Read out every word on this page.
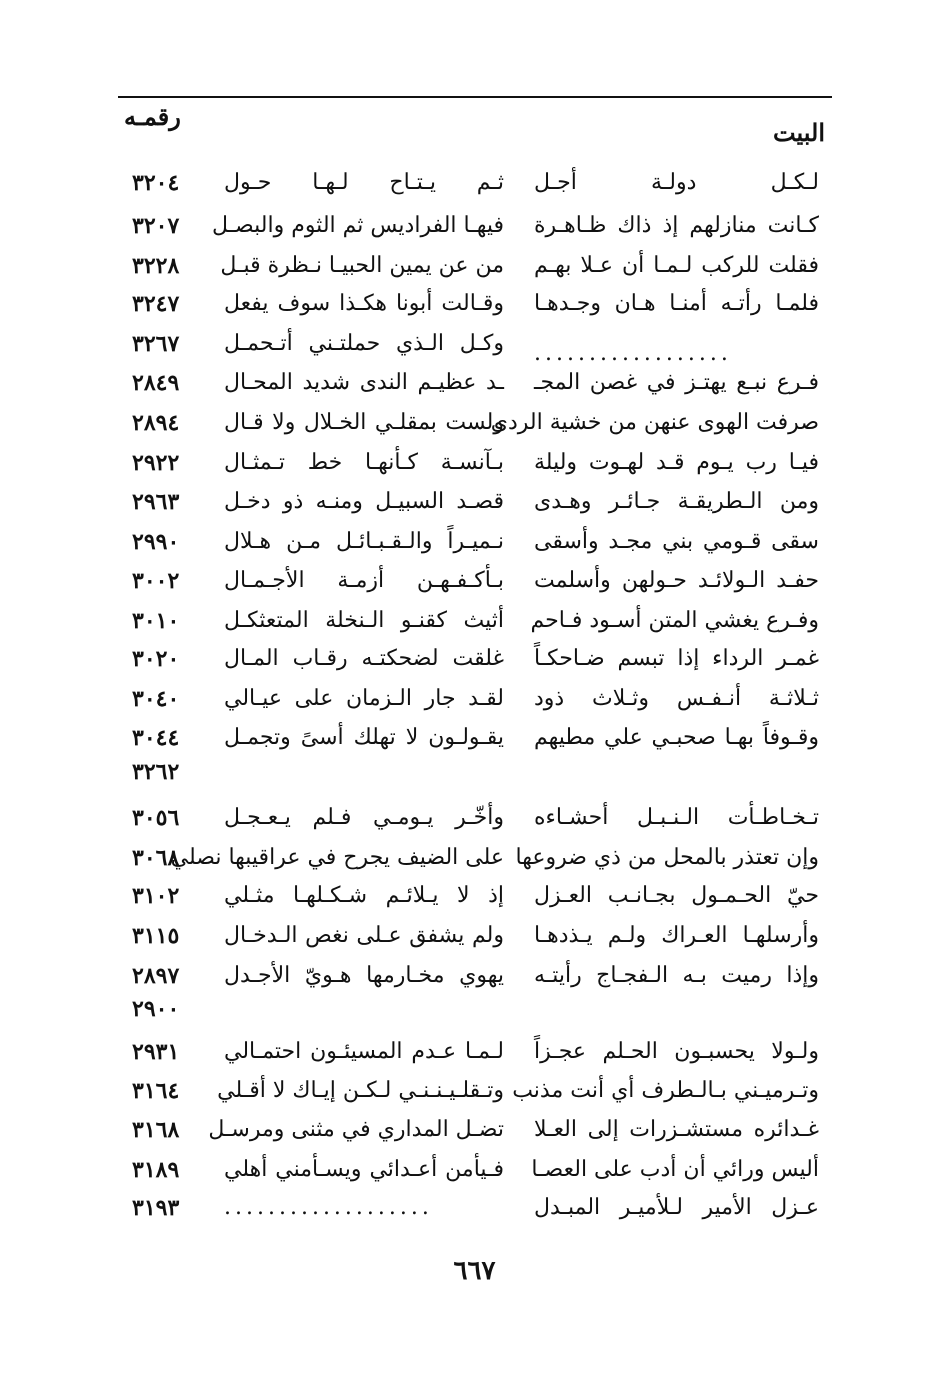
البيت
رقمـه
لـكـل دولـة أجـل
ثـم يـتـاح لـهـا حـول
٣٢٠٤
كـانت منازلهم إذ ذاك ظـاهـرة
فيهـا الفراديس ثم الثوم والبصـل
٣٢٠٧
فقلت للركب لـمـا أن عـلا بهـم
من عن يمين الحبيـا نـظرة قبـل
٣٢٢٨
فلمـا رأتـه أمنـا هـان وجـدهـا
وقـالت أبونا هكـذا سوف يفعل
٣٢٤٧
وكـل الـذي حملتـني أتـحمـل
٣٢٦٧	..................
فـرع نبـع يهتـز في غصن المجـ
ـد عظيـم الندى شديد المحـال
٢٨٤٩
صرفت الهوى عنهن من خشية الردى
ولست بمقلـي الخـلال ولا قـال
٢٨٩٤
فيـا رب يـوم قـد لهـوت وليلة
بـآنسـة كـأنهـا خط تـمثـال
٢٩٢٢
ومن الـطريقـة جـائـر وهـدى
قصـد السبيـل ومنـه ذو دخـل
٢٩٦٣
سقى قـومي بني مجـد وأسقى
نـميـراً والـقـبـائـل مـن هـلال
٢٩٩٠
حفـد الـولائـد حـولهن وأسلمت
بـأكـفـهـن أزمـة الأجـمـال
٣٠٠٢
وفـرع يغشي المتن أسـود فـاحم
أثيث كقنـو الـنخلة المتعثكـل
٣٠١٠
غمـر الرداء إذا تبسم ضـاحكـاً
غلقت لضحكتـه رقـاب المـال
٣٠٢٠
ثـلاثـة أنـفـس وثـلاث ذود
لقـد جار الـزمان على عيـالي
٣٠٤٠
وقـوفاً بهـا صحبـي علي مطيهم
يقـولـون لا تهلك أسىً وتجمـل
٣٠٤٤
٣٢٦٢
تـخـاطـأت الـنـبـل أحشـاءه
وأخّـر يـومـي فـلم يـعـجـل
٣٠٥٦
وإن تعتذر بالمحل من ذي ضروعها
على الضيف يجرح في عراقيبها نصلي
٣٠٦٨
حيّ الحـمـول بجـانـب العـزل
إذ لا يـلائـم شـكـلهـا مثـلي
٣١٠٢
وأرسلهـا العـراك ولـم يـذدهـا
ولم يشفق عـلى نغص الـدخـال
٣١١٥
وإذا رميت بـه الـفجـاج رأيتـه
يهوي مخـارمها هـويّ الأجـدل
٢٨٩٧
٢٩٠٠
ولـولا يحسبـون الحـلم عجـزاً
لـمـا عـدم المسيئـون احتمـالي
٢٩٣١
وتـرميـني بـالـطرف أي أنت مذنب
وتـقلـيـنـنـي لـكـن إيـاك لا أقـلي
٣١٦٤
غـدائره مستشـزرات إلى العـلا
تضـل المداري في مثنى ومرسـل
٣١٦٨
أليس ورائي أن أدب على العصـا
فـيأمن أعـدائي ويسـأمني أهلي
٣١٨٩
عـزل الأمير لـلأميـر المبـدل
...................
٣١٩٣
٦٦٧
